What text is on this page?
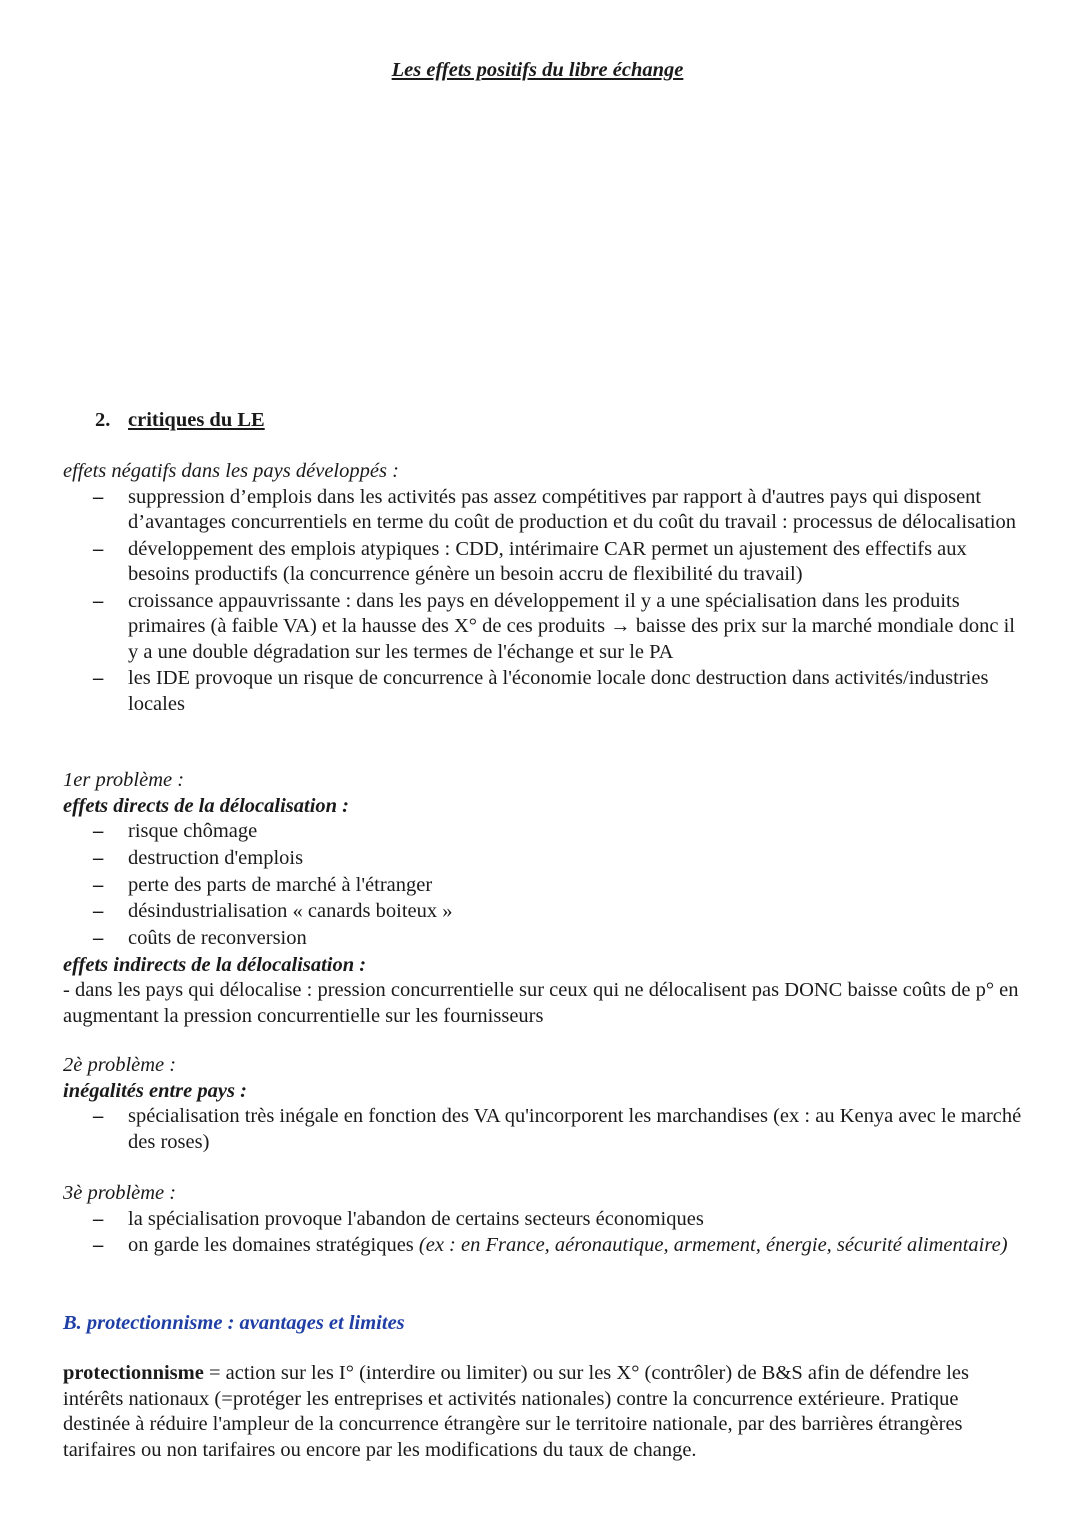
Les effets positifs du libre échange
2. critiques du LE

effets négatifs dans les pays développés :

– suppression d’emplois dans les activités pas assez compétitives par rapport à d'autres pays qui disposent d’avantages concurrentiels en terme du coût de production et du coût du travail : processus de délocalisation
– développement des emplois atypiques : CDD, intérimaire CAR permet un ajustement des effectifs aux besoins productifs (la concurrence génère un besoin accru de flexibilité du travail)
– croissance appauvrissante : dans les pays en développement il y a une spécialisation dans les produits primaires (à faible VA) et la hausse des X° de ces produits → baisse des prix sur la marché mondiale donc il y a une double dégradation sur les termes de l'échange et sur le PA
– les IDE provoque un risque de concurrence à l'économie locale donc destruction dans activités/industries locales

1er problème :

effets directs de la délocalisation :

– risque chômage
– destruction d'emplois
– perte des parts de marché à l'étranger
– désindustrialisation « canards boiteux »
– coûts de reconversion

effets indirects de la délocalisation :

- dans les pays qui délocalise : pression concurrentielle sur ceux qui ne délocalisent pas DONC baisse coûts de p° en augmentant la pression concurrentielle sur les fournisseurs

2è problème :

inégalités entre pays :

– spécialisation très inégale en fonction des VA qu'incorporent les marchandises (ex : au Kenya avec le marché des roses)

3è problème :

– la spécialisation provoque l'abandon de certains secteurs économiques
– on garde les domaines stratégiques (ex : en France, aéronautique, armement, énergie, sécurité alimentaire)
B. protectionnisme : avantages et limites

protectionnisme = action sur les I° (interdire ou limiter) ou sur les X° (contrôler) de B&S afin de défendre les intérêts nationaux (=protéger les entreprises et activités nationales) contre la concurrence extérieure. Pratique destinée à réduire l'ampleur de la concurrence étrangère sur le territoire nationale, par des barrières étrangères tarifaires ou non tarifaires ou encore par les modifications du taux de change.
